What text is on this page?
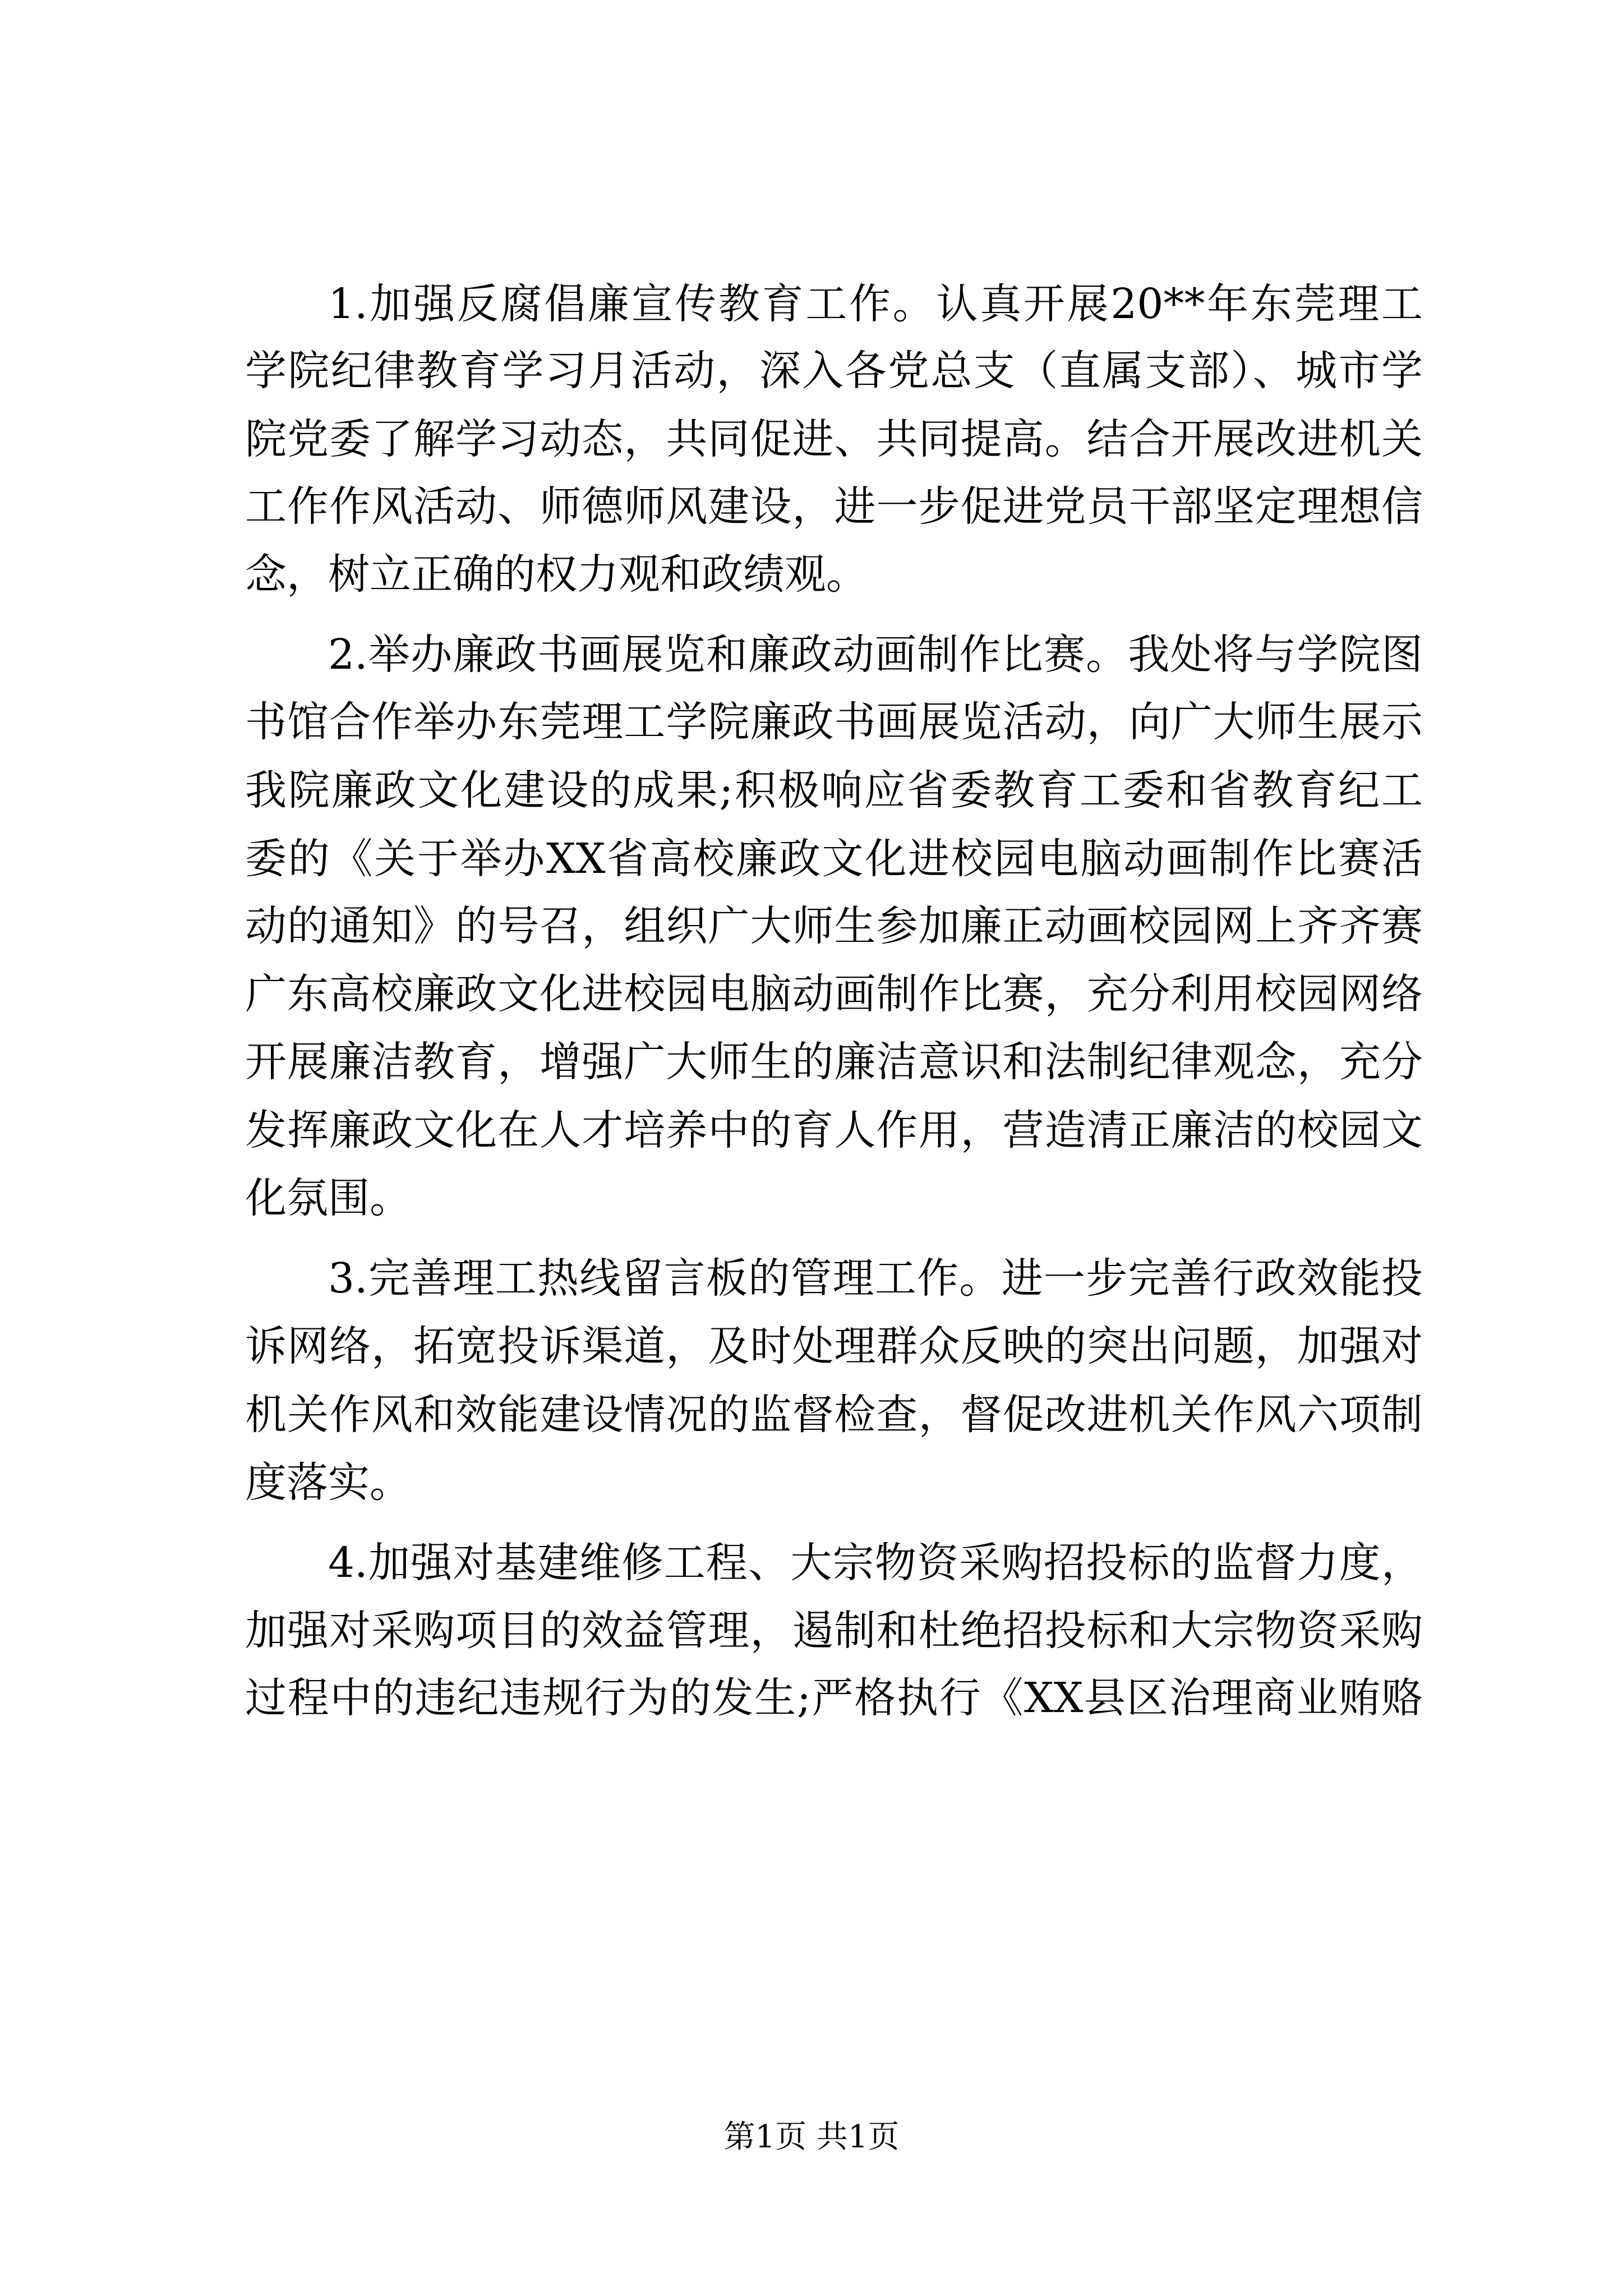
1.加强反腐倡廉宣传教育工作。认真开展20**年东莞理工
学院纪律教育学习月活动，深入各党总支（直属支部）、城市学
院党委了解学习动态，共同促进、共同提高。结合开展改进机关
工作作风活动、师德师风建设，进一步促进党员干部坚定理想信
念，树立正确的权力观和政绩观。
2.举办廉政书画展览和廉政动画制作比赛。我处将与学院图
书馆合作举办东莞理工学院廉政书画展览活动，向广大师生展示
我院廉政文化建设的成果;积极响应省委教育工委和省教育纪工
委的《关于举办XX省高校廉政文化进校园电脑动画制作比赛活
动的通知》的号召，组织广大师生参加廉正动画校园网上齐齐赛
广东高校廉政文化进校园电脑动画制作比赛，充分利用校园网络
开展廉洁教育，增强广大师生的廉洁意识和法制纪律观念，充分
发挥廉政文化在人才培养中的育人作用，营造清正廉洁的校园文
化氛围。
3.完善理工热线留言板的管理工作。进一步完善行政效能投
诉网络，拓宽投诉渠道，及时处理群众反映的突出问题，加强对
机关作风和效能建设情况的监督检查，督促改进机关作风六项制
度落实。
4.加强对基建维修工程、大宗物资采购招投标的监督力度，
加强对采购项目的效益管理，遏制和杜绝招投标和大宗物资采购
过程中的违纪违规行为的发生;严格执行《XX县区治理商业贿赂
第1页 共1页
